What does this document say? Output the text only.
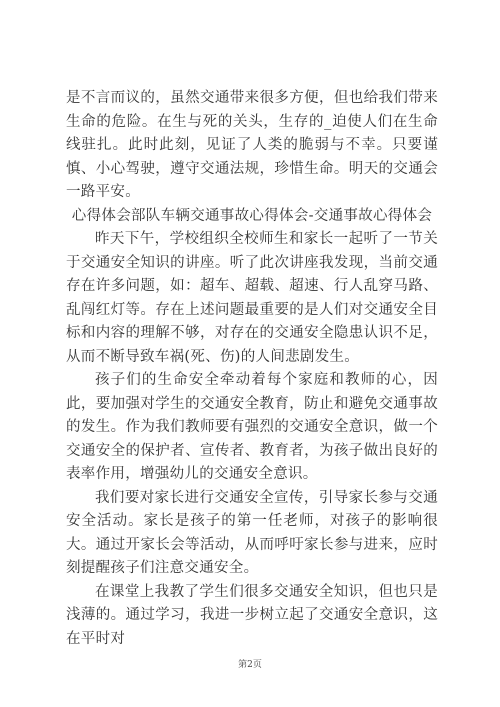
是不言而议的，虽然交通带来很多方便，但也给我们带来生命的危险。在生与死的关头，生存的_迫使人们在生命线驻扎。此时此刻，见证了人类的脆弱与不幸。只要谨慎、小心驾驶，遵守交通法规，珍惜生命。明天的交通会一路平安。

心得体会部队车辆交通事故心得体会-交通事故心得体会

昨天下午，学校组织全校师生和家长一起听了一节关于交通安全知识的讲座。听了此次讲座我发现，当前交通存在许多问题，如：超车、超载、超速、行人乱穿马路、乱闯红灯等。存在上述问题最重要的是人们对交通安全目标和内容的理解不够，对存在的交通安全隐患认识不足，从而不断导致车祸(死、伤)的人间悲剧发生。

孩子们的生命安全牵动着每个家庭和教师的心，因此，要加强对学生的交通安全教育，防止和避免交通事故的发生。作为我们教师要有强烈的交通安全意识，做一个交通安全的保护者、宣传者、教育者，为孩子做出良好的表率作用，增强幼儿的交通安全意识。

我们要对家长进行交通安全宣传，引导家长参与交通安全活动。家长是孩子的第一任老师，对孩子的影响很大。通过开家长会等活动，从而呼吁家长参与进来，应时刻提醒孩子们注意交通安全。

在课堂上我教了学生们很多交通安全知识，但也只是浅薄的。通过学习，我进一步树立起了交通安全意识，这在平时对

第2页
